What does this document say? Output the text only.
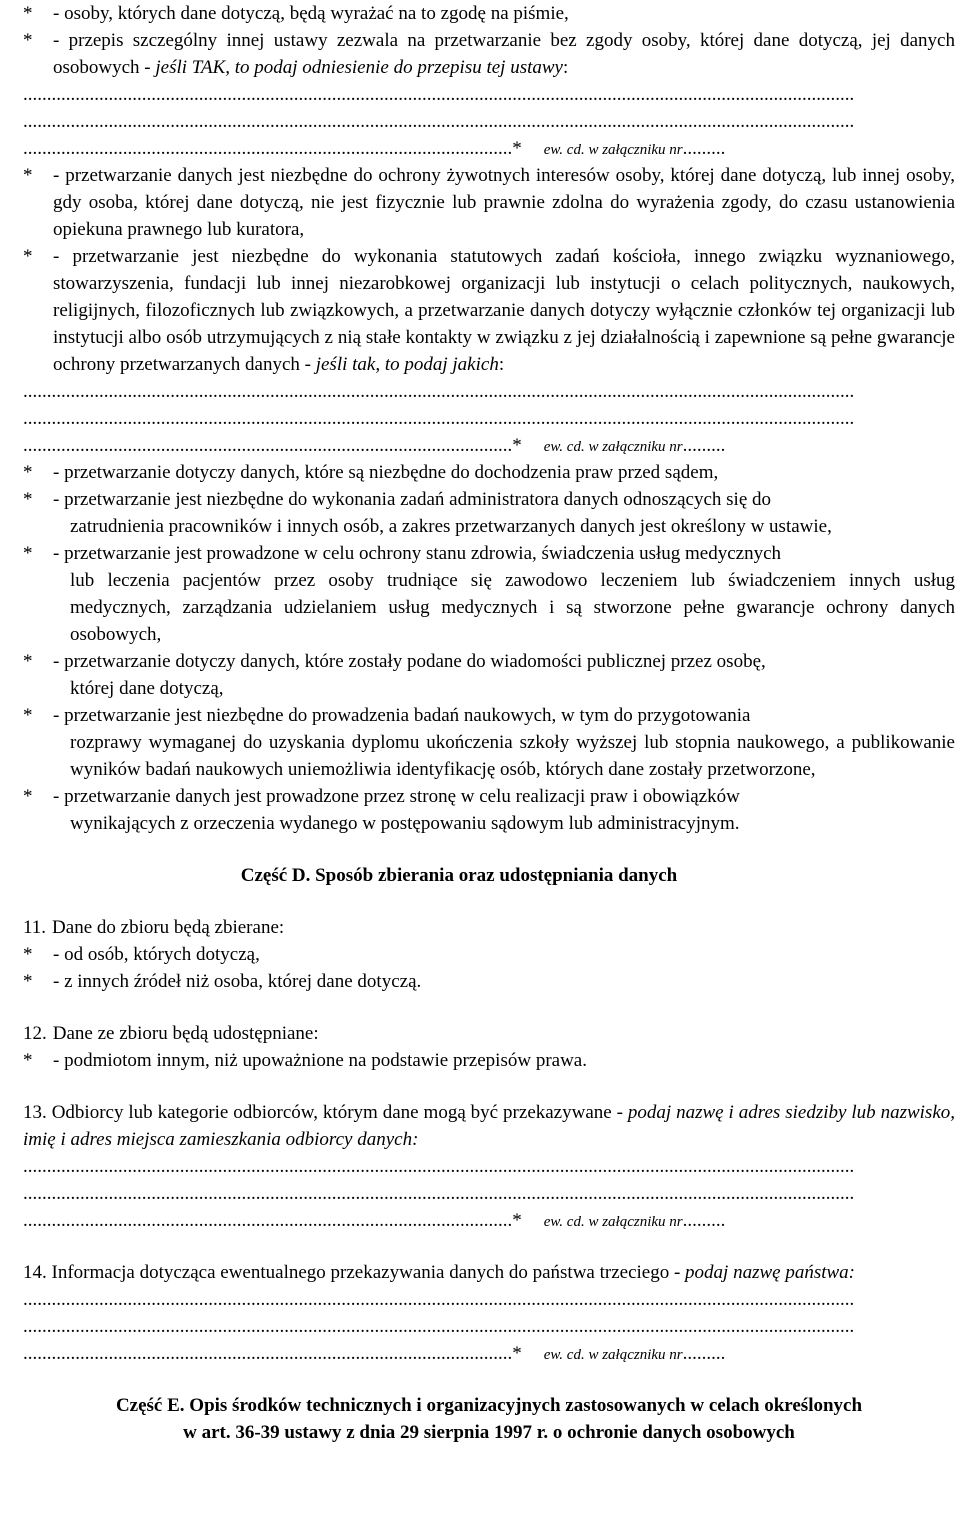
*	- osoby, których dane dotyczą, będą wyrażać na to zgodę na piśmie,
*	- przepis szczególny innej ustawy zezwala na przetwarzanie bez zgody osoby, której dane dotyczą, jej danych osobowych - jeśli TAK, to podaj odniesienie do przepisu tej ustawy:
...............................................................................................................................................................................
...............................................................................................................................................................................
.......................................................................................................* ew. cd. w załączniku nr.........
*	- przetwarzanie danych jest niezbędne do ochrony żywotnych interesów osoby, której dane dotyczą, lub innej osoby, gdy osoba, której dane dotyczą, nie jest fizycznie lub prawnie zdolna do wyrażenia zgody, do czasu ustanowienia opiekuna prawnego lub kuratora,
*	- przetwarzanie jest niezbędne do wykonania statutowych zadań kościoła, innego związku wyznaniowego, stowarzyszenia, fundacji lub innej niezarobkowej organizacji lub instytucji o celach politycznych, naukowych, religijnych, filozoficznych lub związkowych, a przetwarzanie danych dotyczy wyłącznie członków tej organizacji lub instytucji albo osób utrzymujących z nią stałe kontakty w związku z jej działalnością i zapewnione są pełne gwarancje ochrony przetwarzanych danych - jeśli tak, to podaj jakich:
...............................................................................................................................................................................
...............................................................................................................................................................................
.......................................................................................................* ew. cd. w załączniku nr.........
*	- przetwarzanie dotyczy danych, które są niezbędne do dochodzenia praw przed sądem,
*	- przetwarzanie jest niezbędne do wykonania zadań administratora danych odnoszących się do
zatrudnienia pracowników i innych osób, a zakres przetwarzanych danych jest określony w ustawie,
*	- przetwarzanie jest prowadzone w celu ochrony stanu zdrowia, świadczenia usług medycznych
lub leczenia pacjentów przez osoby trudniące się zawodowo leczeniem lub świadczeniem innych usług medycznych, zarządzania udzielaniem usług medycznych i są stworzone pełne gwarancje ochrony danych osobowych,
*	- przetwarzanie dotyczy danych, które zostały podane do wiadomości publicznej przez osobę,
której dane dotyczą,
*	- przetwarzanie jest niezbędne do prowadzenia badań naukowych, w tym do przygotowania
rozprawy wymaganej do uzyskania dyplomu ukończenia szkoły wyższej lub stopnia naukowego, a publikowanie wyników badań naukowych uniemożliwia identyfikację osób, których dane zostały przetworzone,
*	- przetwarzanie danych jest prowadzone przez stronę w celu realizacji praw i obowiązków
wynikających z orzeczenia wydanego w postępowaniu sądowym lub administracyjnym.
Część D. Sposób zbierania oraz udostępniania danych
11. Dane do zbioru będą zbierane:
*	- od osób, których dotyczą,
*	- z innych źródeł niż osoba, której dane dotyczą.
12. Dane ze zbioru będą udostępniane:
*	- podmiotom innym, niż upoważnione na podstawie przepisów prawa.
13. Odbiorcy lub kategorie odbiorców, którym dane mogą być przekazywane - podaj nazwę i adres siedziby lub nazwisko, imię i adres miejsca zamieszkania odbiorcy danych:
...............................................................................................................................................................................
...............................................................................................................................................................................
.......................................................................................................* ew. cd. w załączniku nr.........
14. Informacja dotycząca ewentualnego przekazywania danych do państwa trzeciego - podaj nazwę państwa:
...............................................................................................................................................................................
...............................................................................................................................................................................
.......................................................................................................* ew. cd. w załączniku nr.........
Część E. Opis środków technicznych i organizacyjnych zastosowanych w celach określonych
w art. 36-39 ustawy z dnia 29 sierpnia 1997 r. o ochronie danych osobowych
